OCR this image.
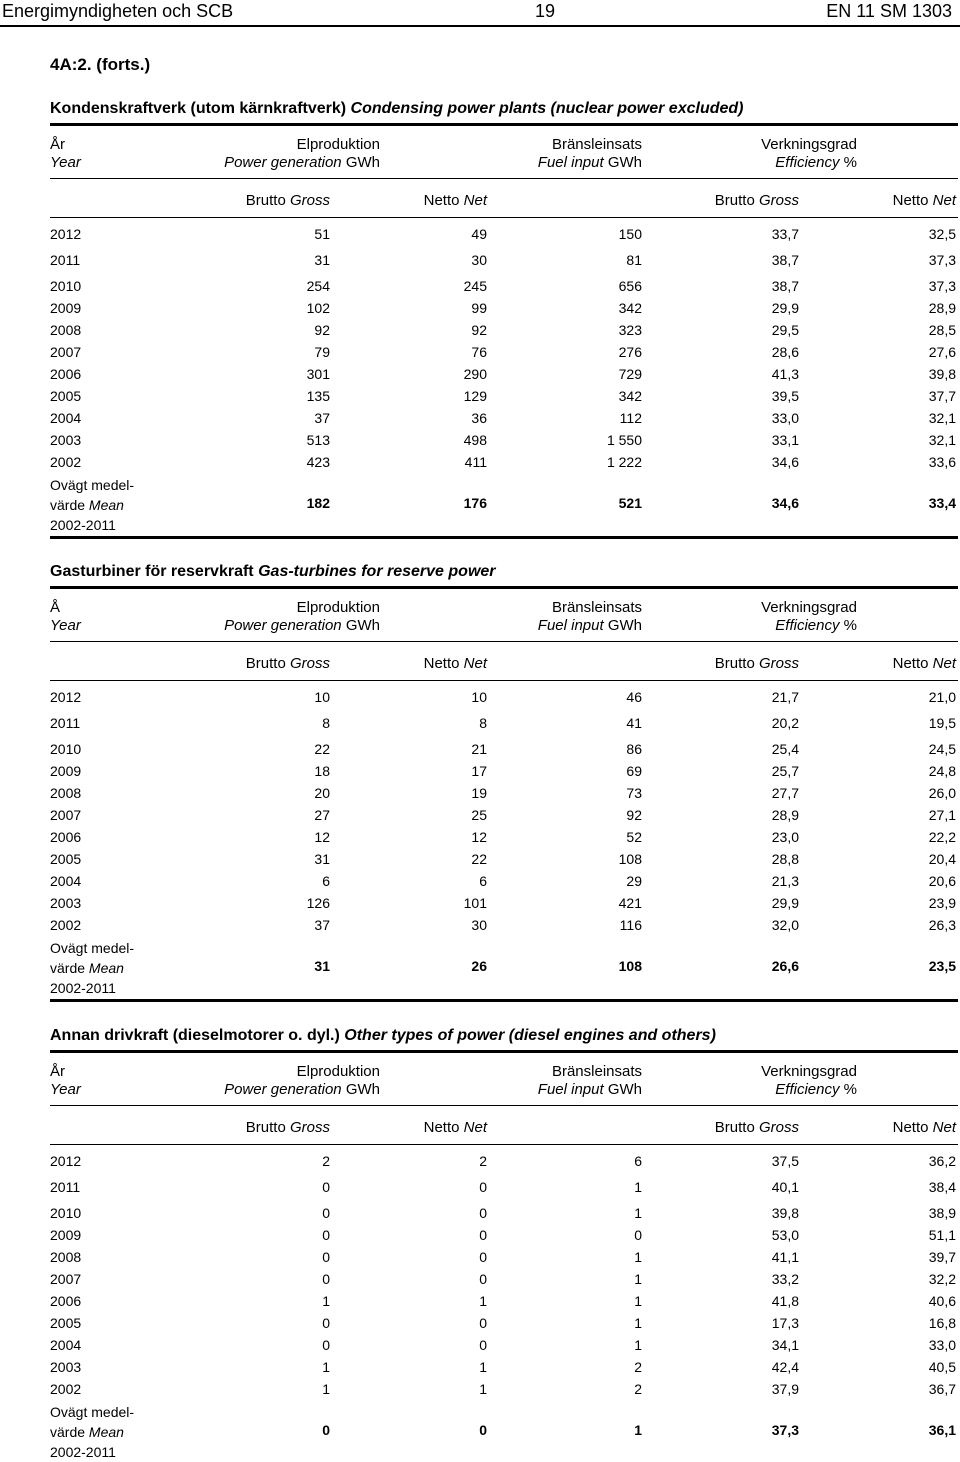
Energimyndigheten och SCB	19	EN 11 SM 1303
4A:2. (forts.)
Kondenskraftverk (utom kärnkraftverk) Condensing power plants (nuclear power excluded)
År
Year
Elproduktion
Power generation GWh
Bränsleinsats
Fuel input GWh
Verkningsgrad
Efficiency %
Brutto Gross	Netto Net	Brutto Gross	Netto Net
2012	51	49	150	33,7	32,5
2011	31	30	81	38,7	37,3
2010	254	245	656	38,7	37,3
2009	102	99	342	29,9	28,9
2008	92	92	323	29,5	28,5
2007	79	76	276	28,6	27,6
2006	301	290	729	41,3	39,8
2005	135	129	342	39,5	37,7
2004	37	36	112	33,0	32,1
2003	513	498	1 550	33,1	32,1
2002	423	411	1 222	34,6	33,6
Ovägt medel-
värde Mean
2002-2011
182	176	521	34,6	33,4
Gasturbiner för reservkraft Gas-turbines for reserve power
Å
Year
Elproduktion
Power generation GWh
Bränsleinsats
Fuel input GWh
Verkningsgrad
Efficiency %
Brutto Gross	Netto Net	Brutto Gross	Netto Net
2012	10	10	46	21,7	21,0
2011	8	8	41	20,2	19,5
2010	22	21	86	25,4	24,5
2009	18	17	69	25,7	24,8
2008	20	19	73	27,7	26,0
2007	27	25	92	28,9	27,1
2006	12	12	52	23,0	22,2
2005	31	22	108	28,8	20,4
2004	6	6	29	21,3	20,6
2003	126	101	421	29,9	23,9
2002	37	30	116	32,0	26,3
Ovägt medel-
värde Mean
2002-2011
31	26	108	26,6	23,5
Annan drivkraft (dieselmotorer o. dyl.) Other types of power (diesel engines and others)
År
Year
Elproduktion
Power generation GWh
Bränsleinsats
Fuel input GWh
Verkningsgrad
Efficiency %
Brutto Gross	Netto Net	Brutto Gross	Netto Net
2012	2	2	6	37,5	36,2
2011	0	0	1	40,1	38,4
2010	0	0	1	39,8	38,9
2009	0	0	0	53,0	51,1
2008	0	0	1	41,1	39,7
2007	0	0	1	33,2	32,2
2006	1	1	1	41,8	40,6
2005	0	0	1	17,3	16,8
2004	0	0	1	34,1	33,0
2003	1	1	2	42,4	40,5
2002	1	1	2	37,9	36,7
Ovägt medel-
värde Mean
2002-2011
0	0	1	37,3	36,1
